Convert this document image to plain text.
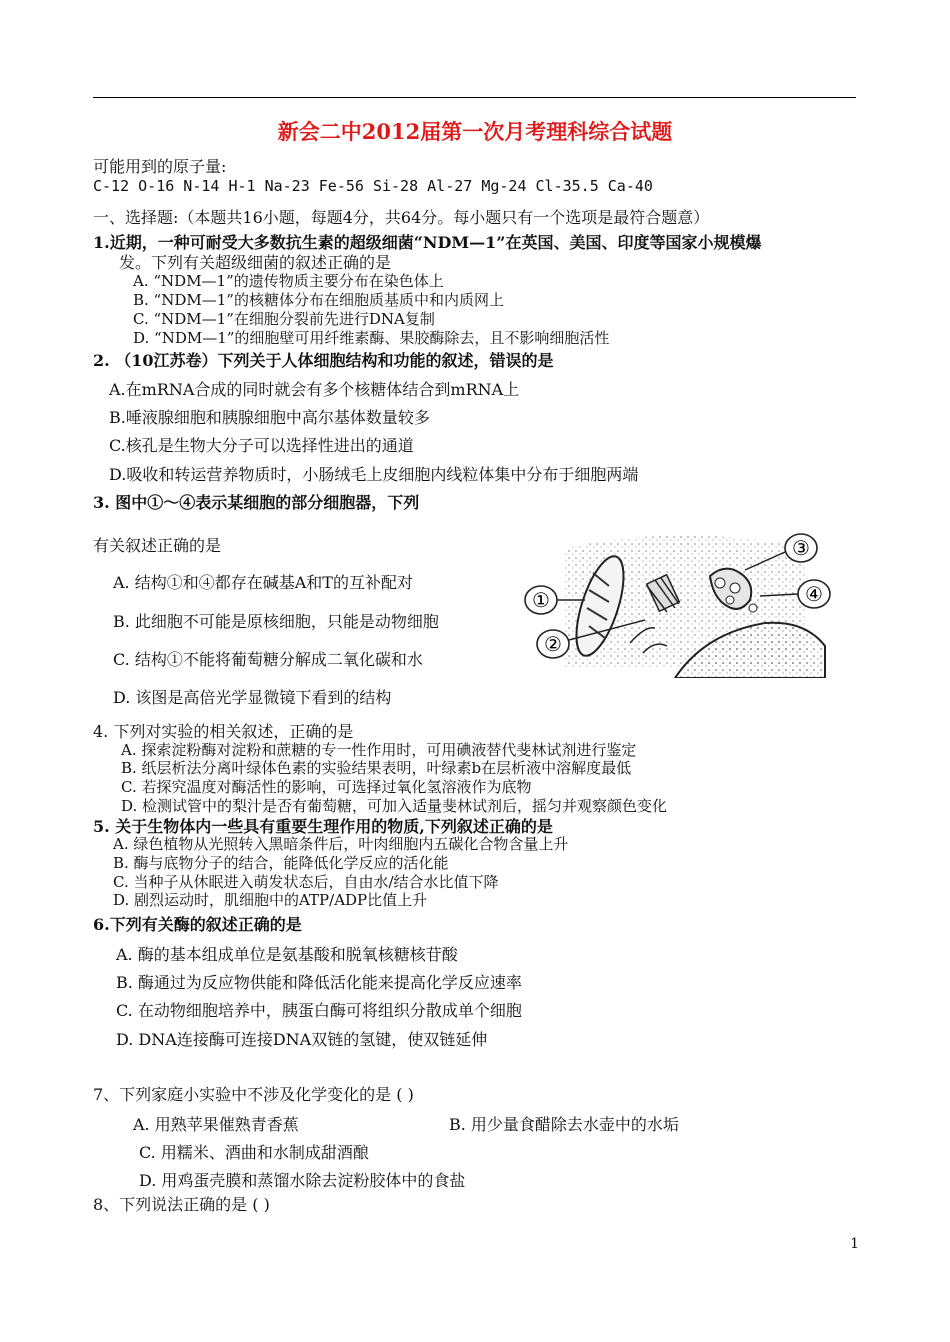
新会二中2012届第一次月考理科综合试题
可能用到的原子量:
C-12 O-16 N-14 H-1 Na-23 Fe-56 Si-28 Al-27 Mg-24 Cl-35.5 Ca-40
一、选择题:（本题共16小题，每题4分，共64分。每小题只有一个选项是最符合题意）
1.近期，一种可耐受大多数抗生素的超级细菌“NDM—1”在英国、美国、印度等国家小规模爆
发。下列有关超级细菌的叙述正确的是
A. “NDM—1”的遗传物质主要分布在染色体上
B. “NDM—1”的核糖体分布在细胞质基质中和内质网上
C. “NDM—1”在细胞分裂前先进行DNA复制
D. “NDM—1”的细胞壁可用纤维素酶、果胶酶除去，且不影响细胞活性
2. （10江苏卷）下列关于人体细胞结构和功能的叙述，错误的是
A.在mRNA合成的同时就会有多个核糖体结合到mRNA上
B.唾液腺细胞和胰腺细胞中高尔基体数量较多
C.核孔是生物大分子可以选择性进出的通道
D.吸收和转运营养物质时，小肠绒毛上皮细胞内线粒体集中分布于细胞两端
3. 图中①～④表示某细胞的部分细胞器，下列
有关叙述正确的是
A. 结构①和④都存在碱基A和T的互补配对
B. 此细胞不可能是原核细胞，只能是动物细胞
C. 结构①不能将葡萄糖分解成二氧化碳和水
D. 该图是高倍光学显微镜下看到的结构
①
②
③
④
4. 下列对实验的相关叙述，正确的是
A. 探索淀粉酶对淀粉和蔗糖的专一性作用时，可用碘液替代斐林试剂进行鉴定
B. 纸层析法分离叶绿体色素的实验结果表明，叶绿素b在层析液中溶解度最低
C. 若探究温度对酶活性的影响，可选择过氧化氢溶液作为底物
D. 检测试管中的梨汁是否有葡萄糖，可加入适量斐林试剂后，摇匀并观察颜色变化
5. 关于生物体内一些具有重要生理作用的物质,下列叙述正确的是
A. 绿色植物从光照转入黑暗条件后，叶肉细胞内五碳化合物含量上升
B. 酶与底物分子的结合，能降低化学反应的活化能
C. 当种子从休眠进入萌发状态后，自由水/结合水比值下降
D. 剧烈运动时，肌细胞中的ATP/ADP比值上升
6.下列有关酶的叙述正确的是
A. 酶的基本组成单位是氨基酸和脱氧核糖核苷酸
B. 酶通过为反应物供能和降低活化能来提高化学反应速率
C. 在动物细胞培养中，胰蛋白酶可将组织分散成单个细胞
D. DNA连接酶可连接DNA双链的氢键，使双链延伸
7、下列家庭小实验中不涉及化学变化的是 ( )
A. 用熟苹果催熟青香蕉	B. 用少量食醋除去水壶中的水垢
C. 用糯米、酒曲和水制成甜酒酿
D. 用鸡蛋壳膜和蒸馏水除去淀粉胶体中的食盐
8、下列说法正确的是 ( )
1
